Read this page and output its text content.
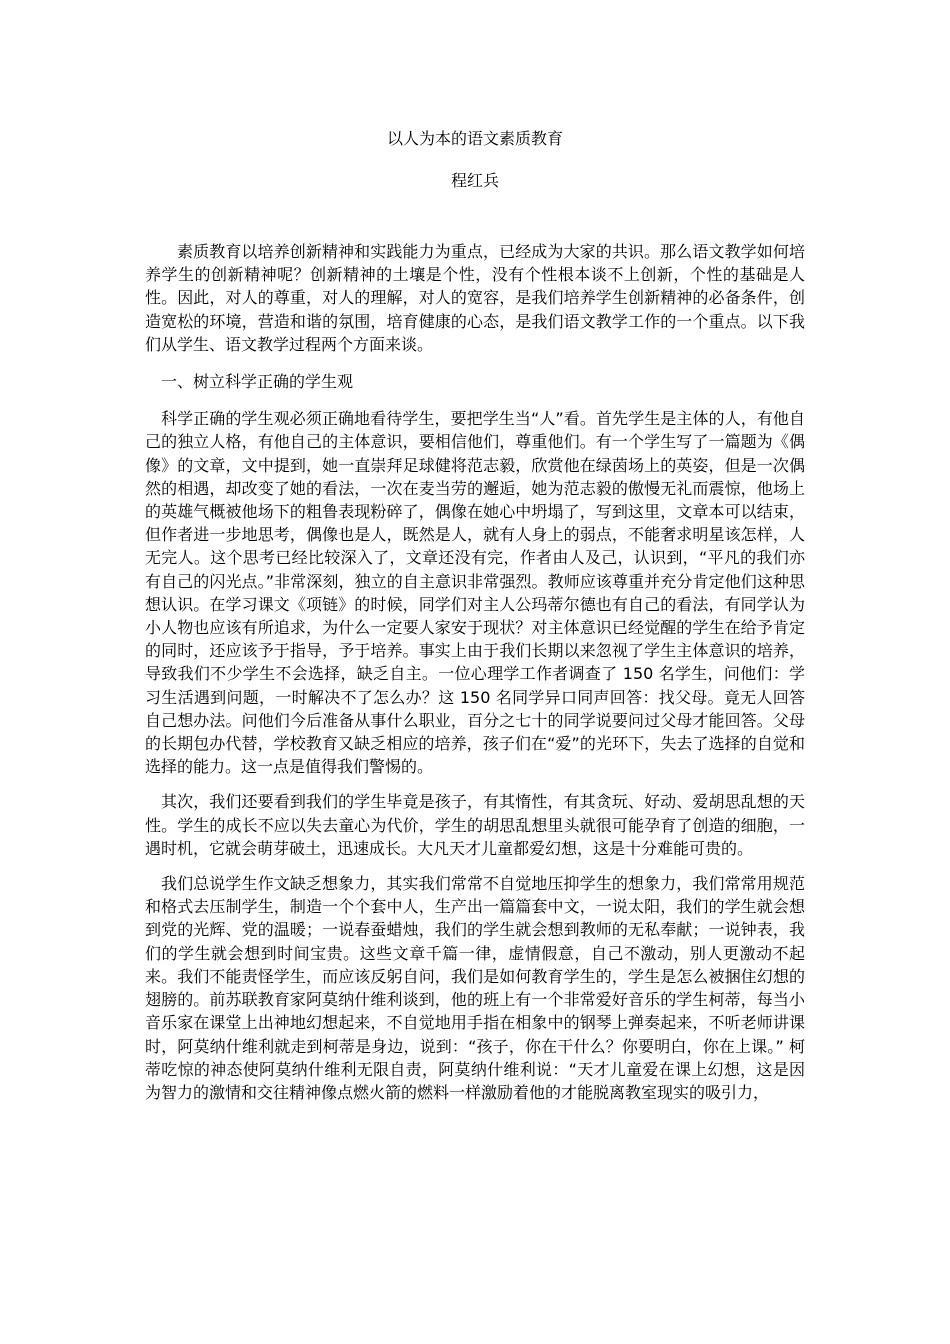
以人为本的语文素质教育
程红兵

素质教育以培养创新精神和实践能力为重点，已经成为大家的共识。那么语文教学如何培养学生的创新精神呢？创新精神的土壤是个性，没有个性根本谈不上创新，个性的基础是人性。因此，对人的尊重，对人的理解，对人的宽容，是我们培养学生创新精神的必备条件，创造宽松的环境，营造和谐的氛围，培育健康的心态，是我们语文教学工作的一个重点。以下我们从学生、语文教学过程两个方面来谈。

一、树立科学正确的学生观

科学正确的学生观必须正确地看待学生，要把学生当“人”看。首先学生是主体的人，有他自己的独立人格，有他自己的主体意识，要相信他们，尊重他们。有一个学生写了一篇题为《偶像》的文章，文中提到，她一直崇拜足球健将范志毅，欣赏他在绿茵场上的英姿，但是一次偶然的相遇，却改变了她的看法，一次在麦当劳的邂逅，她为范志毅的傲慢无礼而震惊，他场上的英雄气概被他场下的粗鲁表现粉碎了，偶像在她心中坍塌了，写到这里，文章本可以结束，但作者进一步地思考，偶像也是人，既然是人，就有人身上的弱点，不能奢求明星该怎样，人无完人。这个思考已经比较深入了，文章还没有完，作者由人及己，认识到，“平凡的我们亦有自己的闪光点。”非常深刻，独立的自主意识非常强烈。教师应该尊重并充分肯定他们这种思想认识。在学习课文《项链》的时候，同学们对主人公玛蒂尔德也有自己的看法，有同学认为小人物也应该有所追求，为什么一定要人家安于现状？对主体意识已经觉醒的学生在给予肯定的同时，还应该予于指导，予于培养。事实上由于我们长期以来忽视了学生主体意识的培养，导致我们不少学生不会选择，缺乏自主。一位心理学工作者调查了 150 名学生，问他们：学习生活遇到问题，一时解决不了怎么办？这 150 名同学异口同声回答：找父母。竟无人回答自己想办法。问他们今后准备从事什么职业，百分之七十的同学说要问过父母才能回答。父母的长期包办代替，学校教育又缺乏相应的培养，孩子们在“爱”的光环下，失去了选择的自觉和选择的能力。这一点是值得我们警惕的。

其次，我们还要看到我们的学生毕竟是孩子，有其惰性，有其贪玩、好动、爱胡思乱想的天性。学生的成长不应以失去童心为代价，学生的胡思乱想里头就很可能孕育了创造的细胞，一遇时机，它就会萌芽破土，迅速成长。大凡天才儿童都爱幻想，这是十分难能可贵的。

我们总说学生作文缺乏想象力，其实我们常常不自觉地压抑学生的想象力，我们常常用规范和格式去压制学生，制造一个个套中人，生产出一篇篇套中文，一说太阳，我们的学生就会想到党的光辉、党的温暖；一说春蚕蜡烛，我们的学生就会想到教师的无私奉献；一说钟表，我们的学生就会想到时间宝贵。这些文章千篇一律，虚情假意，自己不激动，别人更激动不起来。我们不能责怪学生，而应该反躬自问，我们是如何教育学生的，学生是怎么被捆住幻想的翅膀的。前苏联教育家阿莫纳什维利谈到，他的班上有一个非常爱好音乐的学生柯蒂，每当小音乐家在课堂上出神地幻想起来，不自觉地用手指在相象中的钢琴上弹奏起来，不听老师讲课时，阿莫纳什维利就走到柯蒂是身边，说到：“孩子，你在干什么？你要明白，你在上课。” 柯蒂吃惊的神态使阿莫纳什维利无限自责，阿莫纳什维利说：“天才儿童爱在课上幻想，这是因为智力的激情和交往精神像点燃火箭的燃料一样激励着他的才能脱离教室现实的吸引力，
